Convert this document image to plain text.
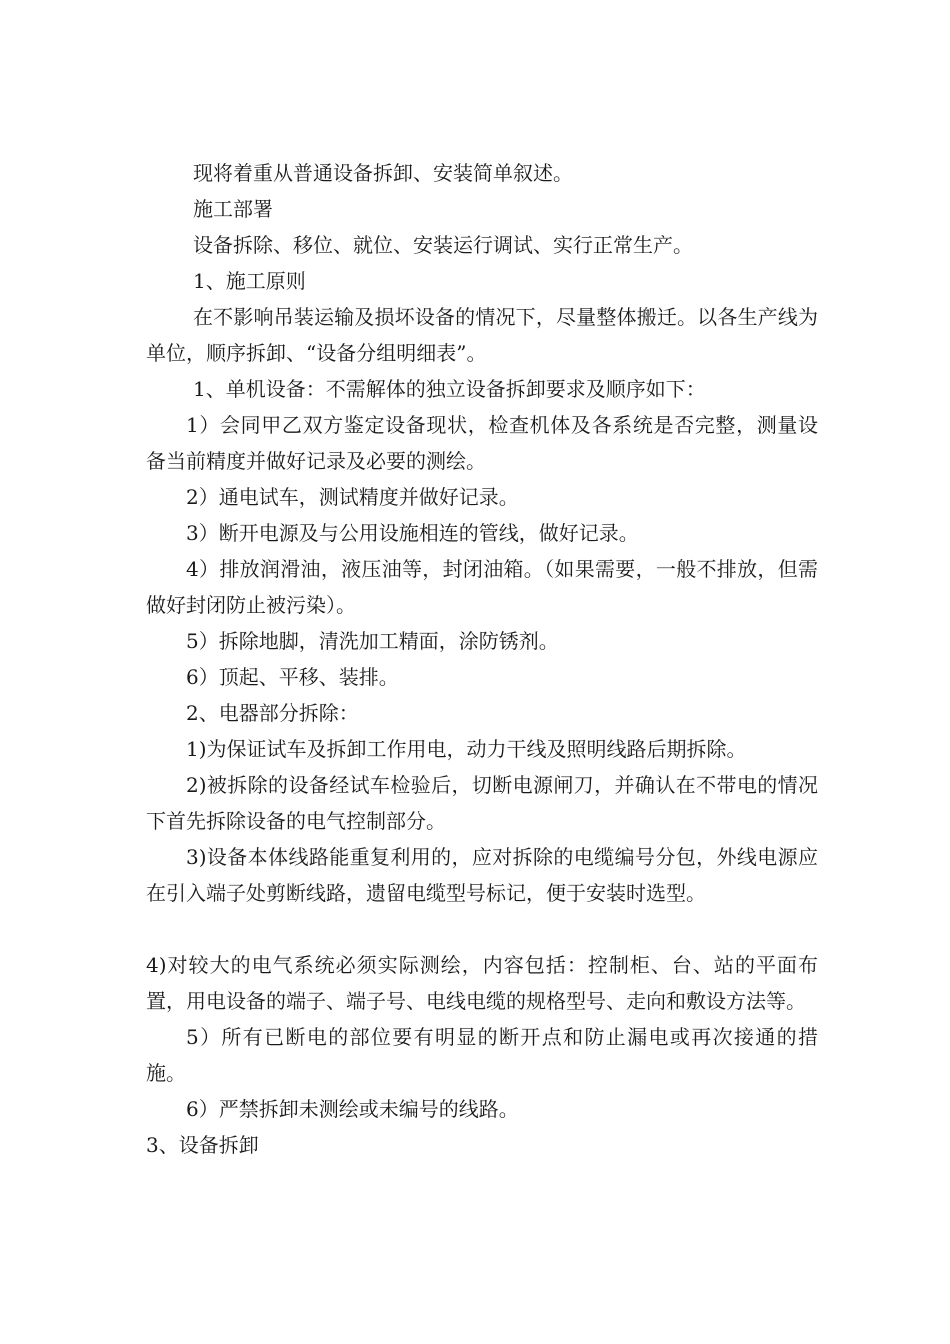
现将着重从普通设备拆卸、安装简单叙述。

施工部署

设备拆除、移位、就位、安装运行调试、实行正常生产。

1、施工原则

在不影响吊装运输及损坏设备的情况下，尽量整体搬迁。以各生产线为单位，顺序拆卸、“设备分组明细表”。

1、单机设备：不需解体的独立设备拆卸要求及顺序如下：

1）会同甲乙双方鉴定设备现状，检查机体及各系统是否完整，测量设备当前精度并做好记录及必要的测绘。

2）通电试车，测试精度并做好记录。

3）断开电源及与公用设施相连的管线，做好记录。

4）排放润滑油，液压油等，封闭油箱。（如果需要，一般不排放，但需做好封闭防止被污染）。

5）拆除地脚，清洗加工精面，涂防锈剂。

6）顶起、平移、装排。

2、电器部分拆除：

1)为保证试车及拆卸工作用电，动力干线及照明线路后期拆除。

2)被拆除的设备经试车检验后，切断电源闸刀，并确认在不带电的情况下首先拆除设备的电气控制部分。

3)设备本体线路能重复利用的，应对拆除的电缆编号分包，外线电源应在引入端子处剪断线路，遗留电缆型号标记，便于安装时选型。

4)对较大的电气系统必须实际测绘，内容包括：控制柜、台、站的平面布置，用电设备的端子、端子号、电线电缆的规格型号、走向和敷设方法等。

5）所有已断电的部位要有明显的断开点和防止漏电或再次接通的措施。

6）严禁拆卸未测绘或未编号的线路。

3、设备拆卸
